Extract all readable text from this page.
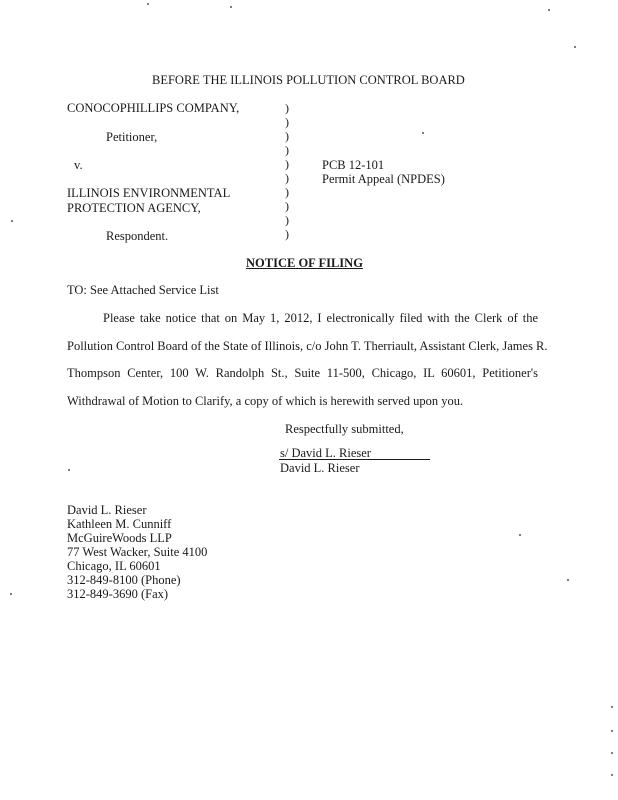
BEFORE THE ILLINOIS POLLUTION CONTROL BOARD
CONOCOPHILLIPS COMPANY,
Petitioner,
v.
ILLINOIS ENVIRONMENTAL
PROTECTION AGENCY,
Respondent.
)
)
)
)
)
)
)
)
)
)
PCB 12-101
Permit Appeal (NPDES)
NOTICE OF FILING
TO: See Attached Service List
Please take notice that on May 1, 2012, I electronically filed with the Clerk of the
Pollution Control Board of the State of Illinois, c/o John T. Therriault, Assistant Clerk, James R.
Thompson Center, 100 W. Randolph St., Suite 11-500, Chicago, IL 60601, Petitioner's
Withdrawal of Motion to Clarify, a copy of which is herewith served upon you.
Respectfully submitted,
s/ David L. Rieser
David L. Rieser
David L. Rieser
Kathleen M. Cunniff
McGuireWoods LLP
77 West Wacker, Suite 4100
Chicago, IL 60601
312-849-8100 (Phone)
312-849-3690 (Fax)
